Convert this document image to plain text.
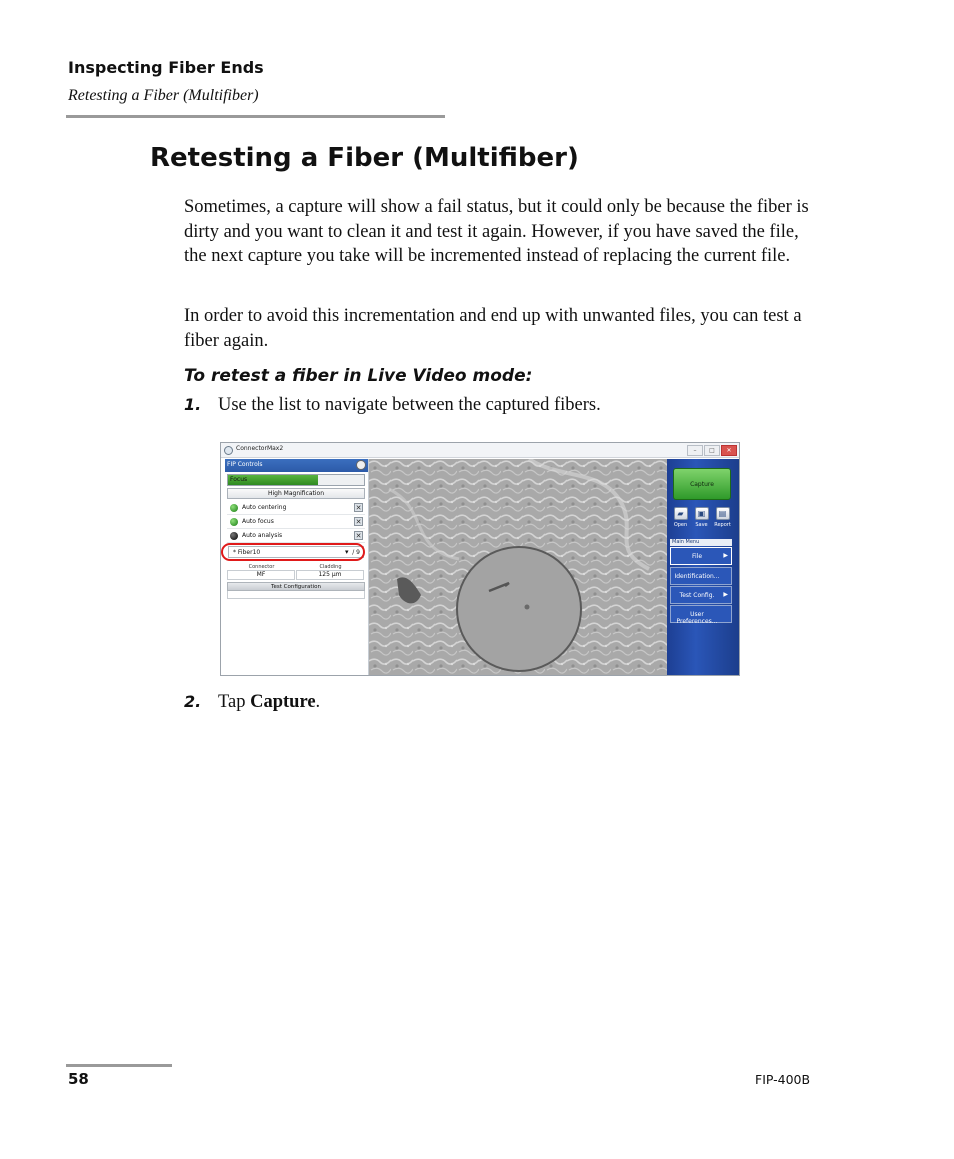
Inspecting Fiber Ends
Retesting a Fiber (Multifiber)
Retesting a Fiber (Multifiber)

Sometimes, a capture will show a fail status, but it could only be because the fiber is dirty and you want to clean it and test it again. However, if you have saved the file, the next capture you take will be incremented instead of replacing the current file.

In order to avoid this incrementation and end up with unwanted files, you can test a fiber again.

To retest a fiber in Live Video mode:
1. Use the list to navigate between the captured fibers.
ConnectorMax2	–	□	✕
FIP Controls
Focus
High Magnification
Auto centering	✕
Auto focus	✕
Auto analysis	✕
* Fiber10	▾ / 9
Connector	Cladding
MF	125 µm
Test Configuration
Capture
▰
Open
▣
Save
▤
Report
Main Menu
File	▶
Identification...
Test Config.	▶
User Preferences...
2. Tap Capture.
58	FIP-400B
